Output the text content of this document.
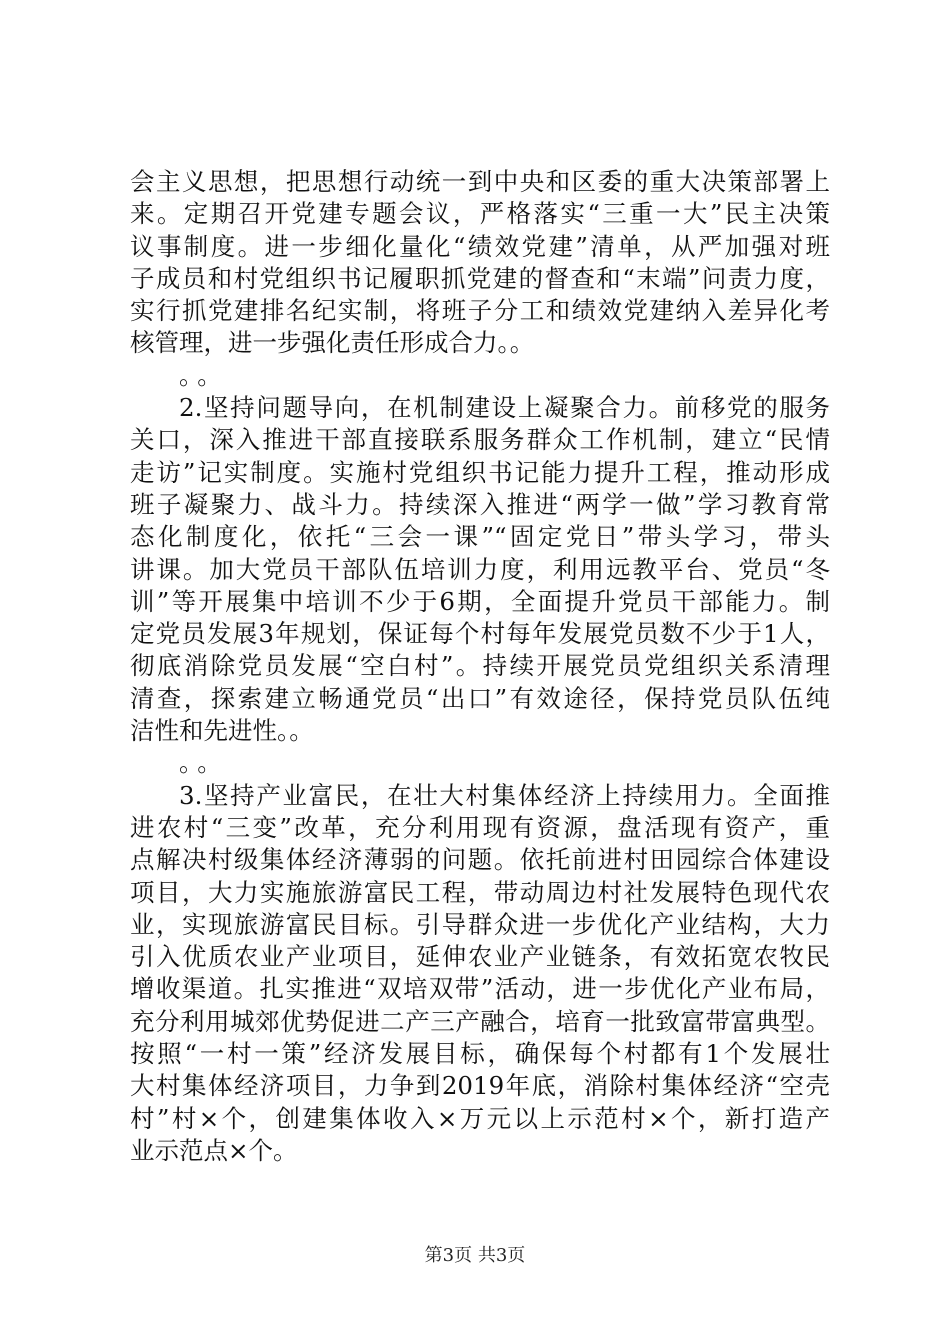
会主义思想，把思想行动统一到中央和区委的重大决策部署上
来。定期召开党建专题会议，严格落实“三重一大”民主决策
议事制度。进一步细化量化“绩效党建”清单，从严加强对班
子成员和村党组织书记履职抓党建的督查和“末端”问责力度，
实行抓党建排名纪实制，将班子分工和绩效党建纳入差异化考
核管理，进一步强化责任形成合力。。
。。
2.坚持问题导向，在机制建设上凝聚合力。前移党的服务
关口，深入推进干部直接联系服务群众工作机制，建立“民情
走访”记实制度。实施村党组织书记能力提升工程，推动形成
班子凝聚力、战斗力。持续深入推进“两学一做”学习教育常
态化制度化，依托“三会一课”“固定党日”带头学习，带头
讲课。加大党员干部队伍培训力度，利用远教平台、党员“冬
训”等开展集中培训不少于6期，全面提升党员干部能力。制
定党员发展3年规划，保证每个村每年发展党员数不少于1人，
彻底消除党员发展“空白村”。持续开展党员党组织关系清理
清查，探索建立畅通党员“出口”有效途径，保持党员队伍纯
洁性和先进性。。
。。
3.坚持产业富民，在壮大村集体经济上持续用力。全面推
进农村“三变”改革，充分利用现有资源，盘活现有资产，重
点解决村级集体经济薄弱的问题。依托前进村田园综合体建设
项目，大力实施旅游富民工程，带动周边村社发展特色现代农
业，实现旅游富民目标。引导群众进一步优化产业结构，大力
引入优质农业产业项目，延伸农业产业链条，有效拓宽农牧民
增收渠道。扎实推进“双培双带”活动，进一步优化产业布局，
充分利用城郊优势促进二产三产融合，培育一批致富带富典型。
按照“一村一策”经济发展目标，确保每个村都有1个发展壮
大村集体经济项目，力争到2019年底，消除村集体经济“空壳
村”村×个，创建集体收入×万元以上示范村×个，新打造产
业示范点×个。
第3页 共3页
